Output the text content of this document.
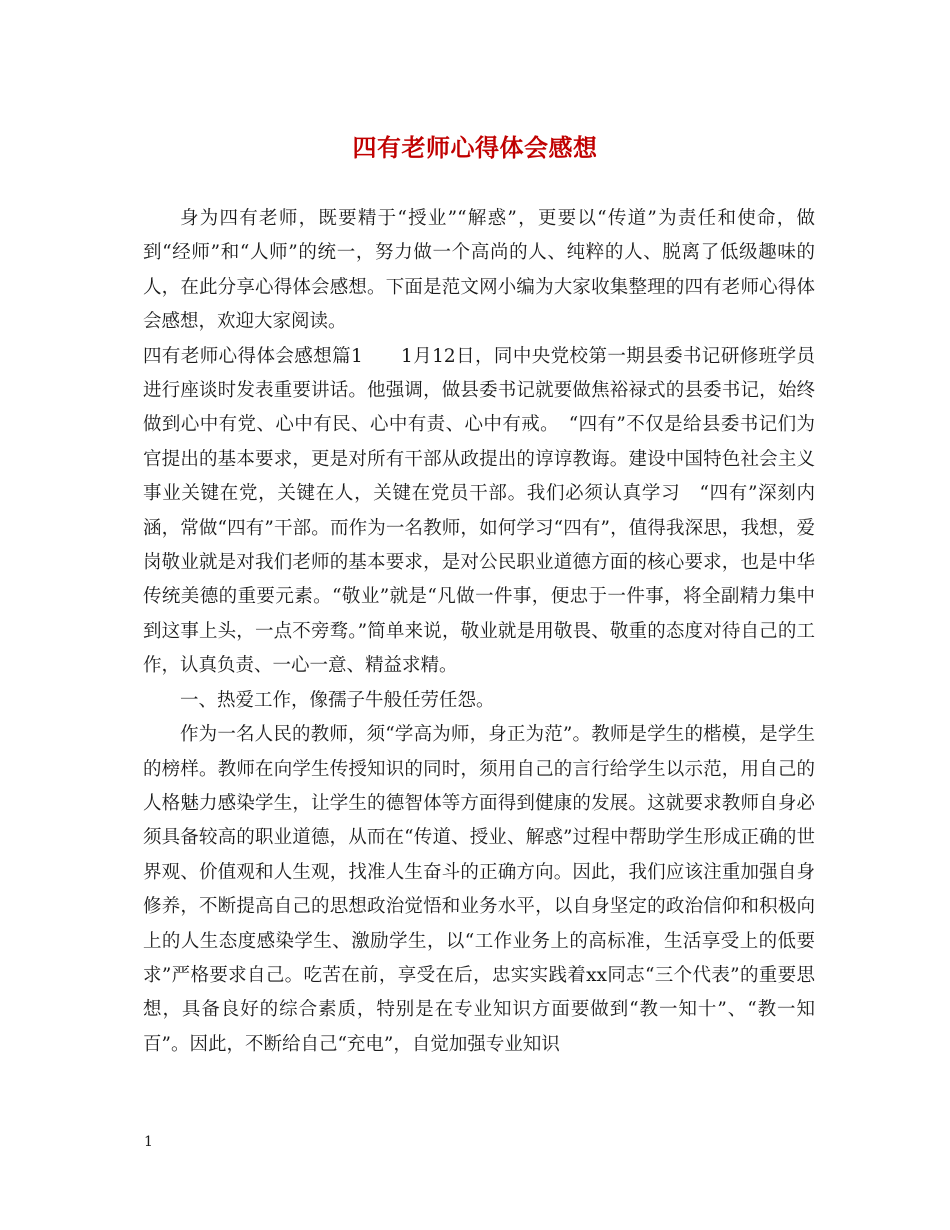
四有老师心得体会感想

身为四有老师，既要精于“授业”“解惑”，更要以“传道”为责任和使命，做到“经师”和“人师”的统一，努力做一个高尚的人、纯粹的人、脱离了低级趣味的人，在此分享心得体会感想。下面是范文网小编为大家收集整理的四有老师心得体会感想，欢迎大家阅读。

四有老师心得体会感想篇1　　1月12日，同中央党校第一期县委书记研修班学员进行座谈时发表重要讲话。他强调，做县委书记就要做焦裕禄式的县委书记，始终做到心中有党、心中有民、心中有责、心中有戒。　“四有”不仅是给县委书记们为官提出的基本要求，更是对所有干部从政提出的谆谆教诲。建设中国特色社会主义事业关键在党，关键在人，关键在党员干部。我们必须认真学习　“四有”深刻内涵，常做“四有”干部。而作为一名教师，如何学习“四有”，值得我深思，我想，爱岗敬业就是对我们老师的基本要求，是对公民职业道德方面的核心要求，也是中华传统美德的重要元素。“敬业”就是“凡做一件事，便忠于一件事，将全副精力集中到这事上头，一点不旁骛。”简单来说，敬业就是用敬畏、敬重的态度对待自己的工作，认真负责、一心一意、精益求精。

一、热爱工作，像孺子牛般任劳任怨。

作为一名人民的教师，须“学高为师，身正为范”。教师是学生的楷模，是学生的榜样。教师在向学生传授知识的同时，须用自己的言行给学生以示范，用自己的人格魅力感染学生，让学生的德智体等方面得到健康的发展。这就要求教师自身必须具备较高的职业道德，从而在“传道、授业、解惑”过程中帮助学生形成正确的世界观、价值观和人生观，找准人生奋斗的正确方向。因此，我们应该注重加强自身修养，不断提高自己的思想政治觉悟和业务水平，以自身坚定的政治信仰和积极向上的人生态度感染学生、激励学生，以“工作业务上的高标准，生活享受上的低要求”严格要求自己。吃苦在前，享受在后，忠实实践着xx同志“三个代表”的重要思想，具备良好的综合素质，特别是在专业知识方面要做到“教一知十”、“教一知百”。因此，不断给自己“充电”，自觉加强专业知识

1
